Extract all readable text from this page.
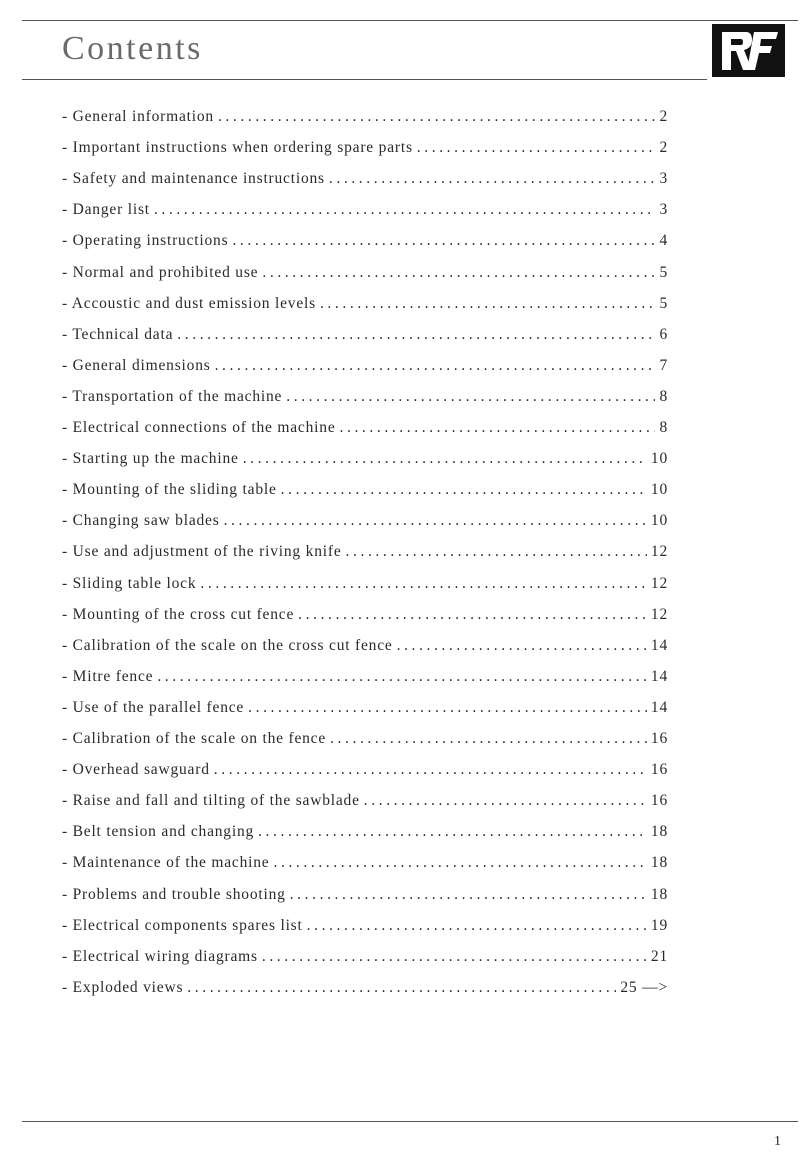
Contents
- General information .....	2
- Important instructions when ordering spare parts .....	2
- Safety and maintenance instructions .....	3
- Danger list .....	3
- Operating instructions .....	4
- Normal and prohibited use .....	5
- Accoustic and dust emission levels .....	5
- Technical data .....	6
- General dimensions .....	7
- Transportation of the machine .....	8
- Electrical connections of the machine .....	8
- Starting up the machine .....	10
- Mounting of the sliding table .....	10
- Changing saw blades .....	10
- Use and adjustment of the riving knife .....	12
- Sliding table lock .....	12
- Mounting of the cross cut fence .....	12
- Calibration of the scale on the cross cut fence .....	14
- Mitre fence .....	14
- Use of the parallel fence .....	14
- Calibration of the scale on the fence .....	16
- Overhead sawguard .....	16
- Raise and fall and tilting of the sawblade .....	16
- Belt tension and changing .....	18
- Maintenance of the machine .....	18
- Problems and trouble shooting .....	18
- Electrical components spares list .....	19
- Electrical wiring diagrams .....	21
- Exploded views .....	25 —>
1
